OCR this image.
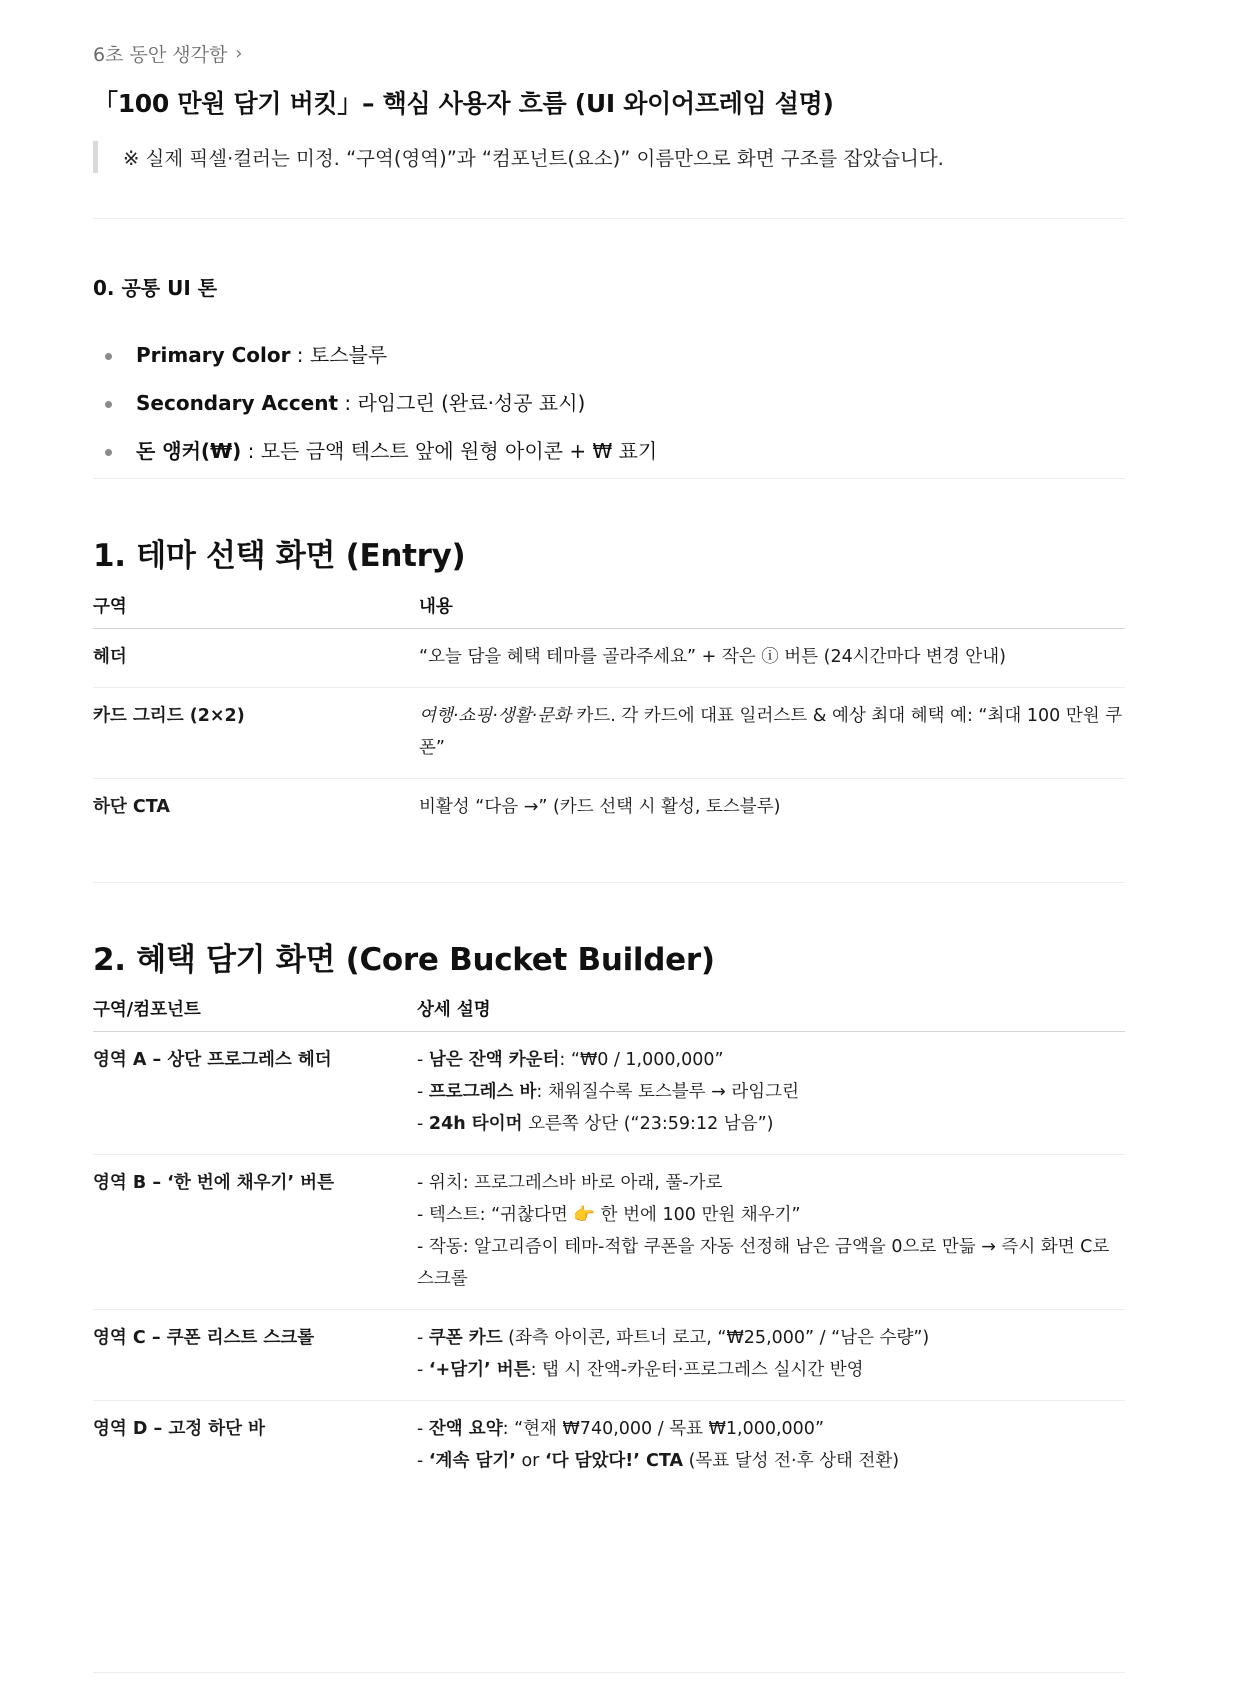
6초 동안 생각함 ›
「100 만원 담기 버킷」– 핵심 사용자 흐름 (UI 와이어프레임 설명)
※ 실제 픽셀·컬러는 미정. “구역(영역)”과 “컴포넌트(요소)” 이름만으로 화면 구조를 잡았습니다.
0. 공통 UI 톤
Primary Color : 토스블루
Secondary Accent : 라임그린 (완료·성공 표시)
돈 앵커(₩) : 모든 금액 텍스트 앞에 원형 아이콘 + ₩ 표기
1. 테마 선택 화면 (Entry)
구역	내용
헤더	“오늘 담을 혜택 테마를 골라주세요” + 작은 ⓘ 버튼 (24시간마다 변경 안내)
카드 그리드 (2×2)	여행·쇼핑·생활·문화 카드. 각 카드에 대표 일러스트 & 예상 최대 혜택 예: “최대 100 만원 쿠폰”
하단 CTA	비활성 “다음 →” (카드 선택 시 활성, 토스블루)
2. 혜택 담기 화면 (Core Bucket Builder)
구역/컴포넌트	상세 설명
영역 A – 상단 프로그레스 헤더	- 남은 잔액 카운터: “₩0 / 1,000,000”
- 프로그레스 바: 채워질수록 토스블루 → 라임그린
- 24h 타이머 오른쪽 상단 (“23:59:12 남음”)

영역 B – ‘한 번에 채우기’ 버튼	- 위치: 프로그레스바 바로 아래, 풀-가로
- 텍스트: “귀찮다면 👉 한 번에 100 만원 채우기”
- 작동: 알고리즘이 테마-적합 쿠폰을 자동 선정해 남은 금액을 0으로 만듦 → 즉시 화면 C로 스크롤

영역 C – 쿠폰 리스트 스크롤	- 쿠폰 카드 (좌측 아이콘, 파트너 로고, “₩25,000” / “남은 수량”)
- ‘+담기’ 버튼: 탭 시 잔액-카운터·프로그레스 실시간 반영

영역 D – 고정 하단 바	- 잔액 요약: “현재 ₩740,000 / 목표 ₩1,000,000”
- ‘계속 담기’ or ‘다 담았다!’ CTA (목표 달성 전·후 상태 전환)
